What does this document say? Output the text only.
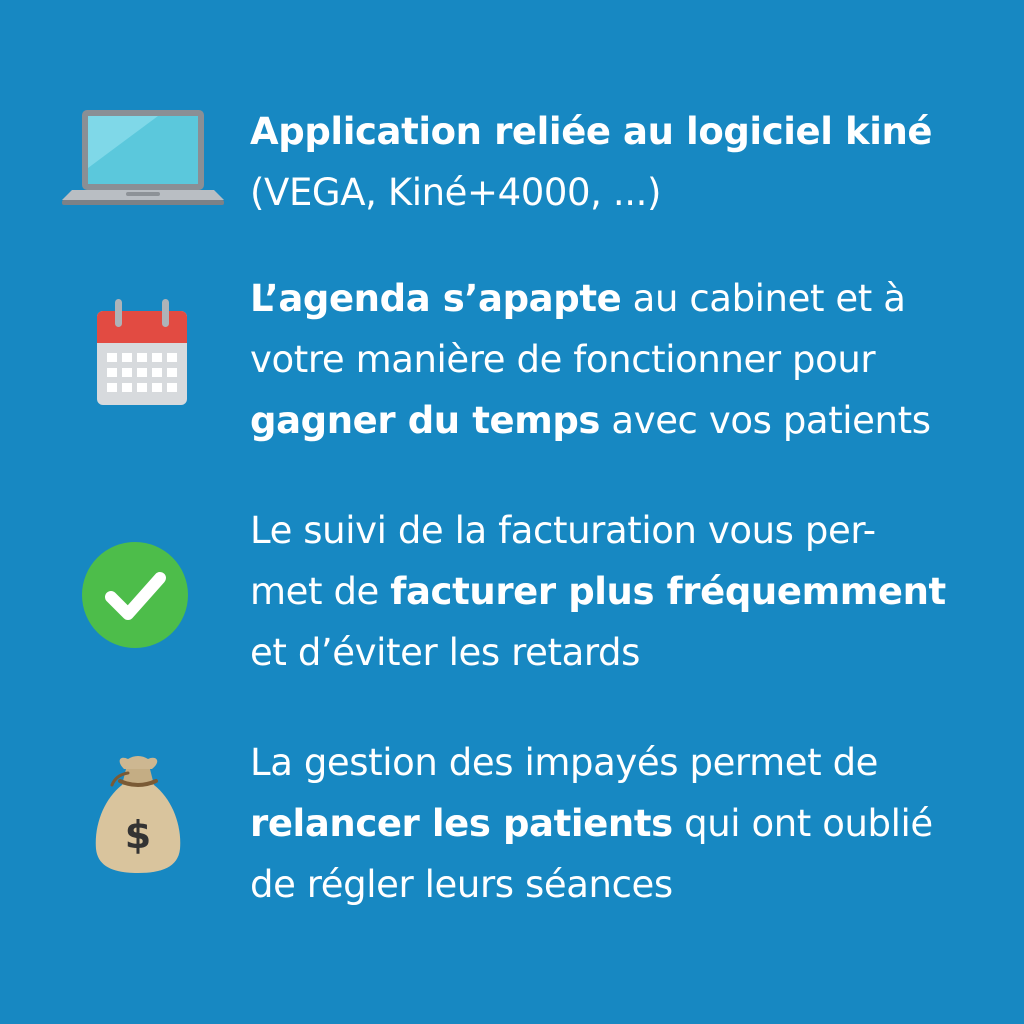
Application reliée au logiciel kiné
(VEGA, Kiné+4000, ...)

L’agenda s’apapte au cabinet et à
votre manière de fonctionner pour
gagner du temps avec vos patients

Le suivi de la facturation vous per-
met de facturer plus fréquemment
et d’éviter les retards

$

La gestion des impayés permet de
relancer les patients qui ont oublié
de régler leurs séances
